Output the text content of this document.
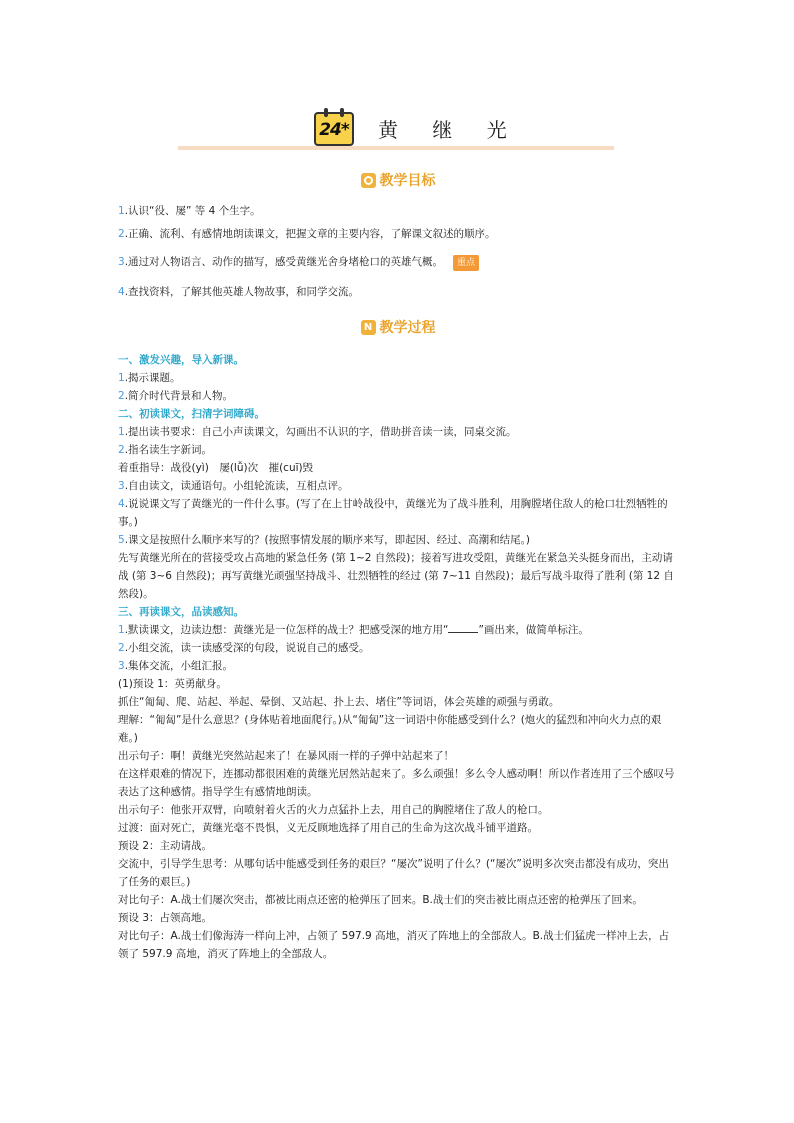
24* 黄 继 光
教学目标

1.认识“役、屡” 等 4 个生字。

2.正确、流利、有感情地朗读课文，把握文章的主要内容，了解课文叙述的顺序。

3.通过对人物语言、动作的描写，感受黄继光舍身堵枪口的英雄气概。 重点

4.查找资料，了解其他英雄人物故事，和同学交流。

N
教学过程

一、激发兴趣，导入新课。

1.揭示课题。

2.简介时代背景和人物。

二、初读课文，扫清字词障碍。

1.提出读书要求：自己小声读课文，勾画出不认识的字，借助拼音读一读，同桌交流。

2.指名读生字新词。

着重指导：战役(yì)　屡(lǚ)次　摧(cuī)毁

3.自由读文，读通语句。小组轮流读，互相点评。

4.说说课文写了黄继光的一件什么事。(写了在上甘岭战役中，黄继光为了战斗胜利，用胸膛堵住敌人的枪口壮烈牺牲的事。)

5.课文是按照什么顺序来写的？(按照事情发展的顺序来写，即起因、经过、高潮和结尾。)

先写黄继光所在的营接受攻占高地的紧急任务 (第 1~2 自然段)；接着写进攻受阻，黄继光在紧急关头挺身而出，主动请战 (第 3~6 自然段)；再写黄继光顽强坚持战斗、壮烈牺牲的经过 (第 7~11 自然段)；最后写战斗取得了胜利 (第 12 自然段)。

三、再读课文，品读感知。

1.默读课文，边读边想：黄继光是一位怎样的战士？把感受深的地方用“	”画出来，做简单标注。

2.小组交流，读一读感受深的句段，说说自己的感受。

3.集体交流，小组汇报。

(1)预设 1：英勇献身。

抓住“匍匐、爬、站起、举起、晕倒、又站起、扑上去、堵住”等词语，体会英雄的顽强与勇敢。

理解：“匍匐”是什么意思？(身体贴着地面爬行。)从“匍匐”这一词语中你能感受到什么？(炮火的猛烈和冲向火力点的艰难。)

出示句子：啊！黄继光突然站起来了！在暴风雨一样的子弹中站起来了！

在这样艰难的情况下，连挪动都很困难的黄继光居然站起来了。多么顽强！多么令人感动啊！所以作者连用了三个感叹号表达了这种感情。指导学生有感情地朗读。

出示句子：他张开双臂，向喷射着火舌的火力点猛扑上去，用自己的胸膛堵住了敌人的枪口。

过渡：面对死亡，黄继光毫不畏惧，义无反顾地选择了用自己的生命为这次战斗铺平道路。

预设 2：主动请战。

交流中，引导学生思考：从哪句话中能感受到任务的艰巨？“屡次”说明了什么？(“屡次”说明多次突击都没有成功，突出了任务的艰巨。)

对比句子：A.战士们屡次突击，都被比雨点还密的枪弹压了回来。B.战士们的突击被比雨点还密的枪弹压了回来。

预设 3：占领高地。

对比句子：A.战士们像海涛一样向上冲，占领了 597.9 高地，消灭了阵地上的全部敌人。B.战士们猛虎一样冲上去，占领了 597.9 高地，消灭了阵地上的全部敌人。
